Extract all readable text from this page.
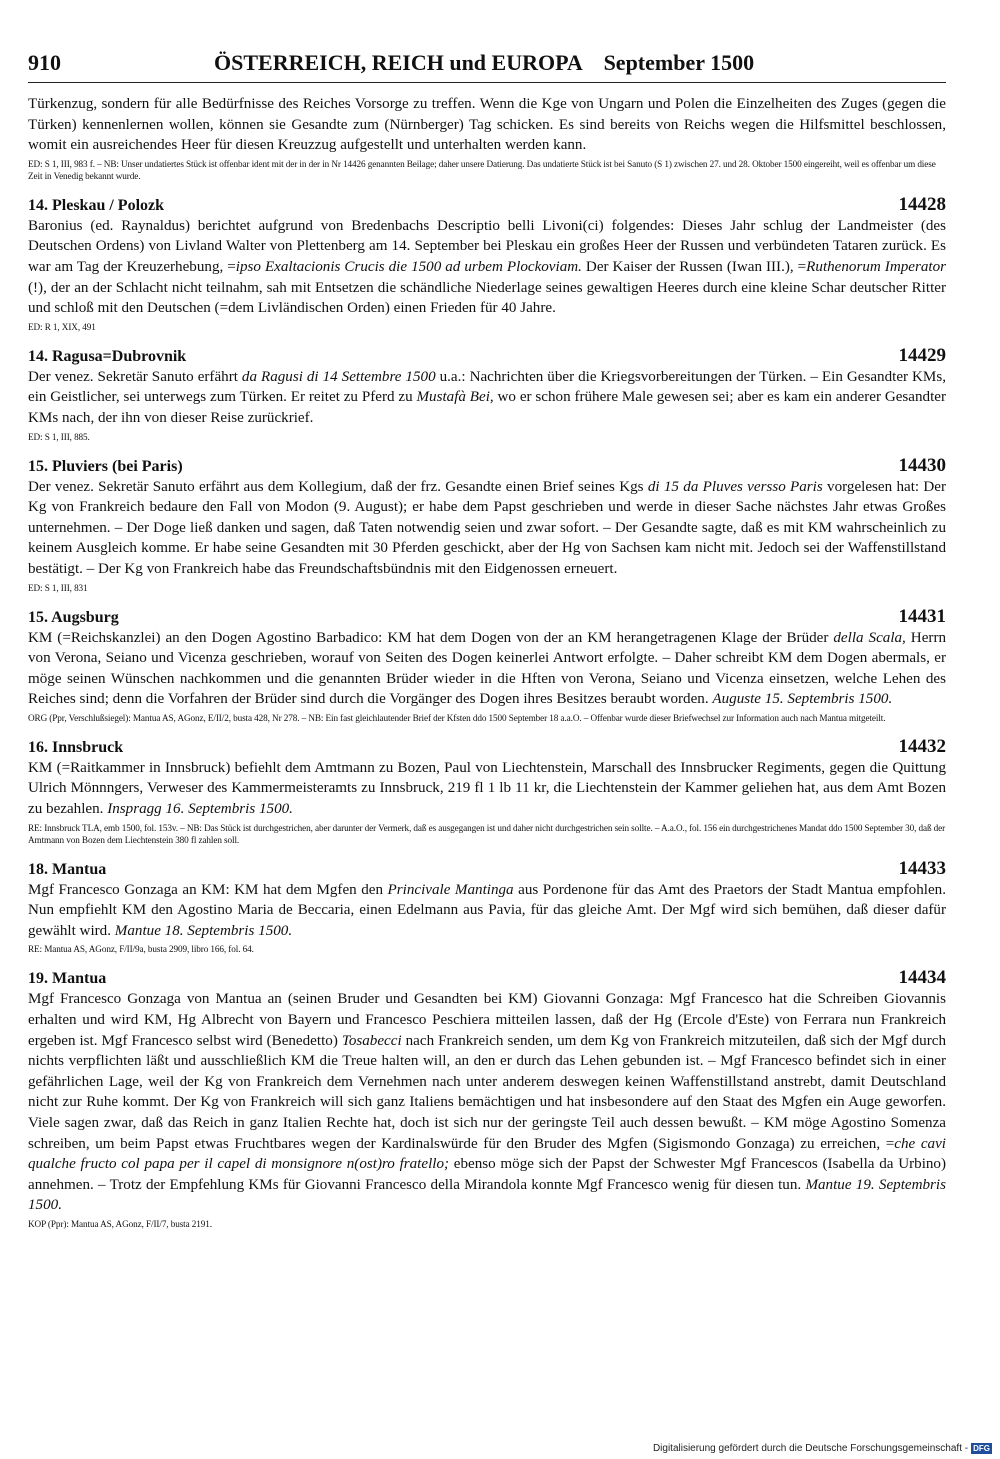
910	ÖSTERREICH, REICH und EUROPA    September 1500

Türkenzug, sondern für alle Bedürfnisse des Reiches Vorsorge zu treffen. Wenn die Kge von Ungarn und Polen die Einzelheiten des Zuges (gegen die Türken) kennenlernen wollen, können sie Gesandte zum (Nürnberger) Tag schicken. Es sind bereits von Reichs wegen die Hilfsmittel beschlossen, womit ein ausreichendes Heer für diesen Kreuzzug aufgestellt und unterhalten werden kann.

ED: S 1, III, 983 f. – NB: Unser undatiertes Stück ist offenbar ident mit der in der in Nr 14426 genannten Beilage; daher unsere Datierung. Das undatierte Stück ist bei Sanuto (S 1) zwischen 27. und 28. Oktober 1500 eingereiht, weil es offenbar um diese Zeit in Venedig bekannt wurde.

14. Pleskau / Polozk	14428

Baronius (ed. Raynaldus) berichtet aufgrund von Bredenbachs Descriptio belli Livoni(ci) folgendes: Dieses Jahr schlug der Landmeister (des Deutschen Ordens) von Livland Walter von Plettenberg am 14. September bei Pleskau ein großes Heer der Russen und verbündeten Tataren zurück. Es war am Tag der Kreuzerhebung, =ipso Exaltacionis Crucis die 1500 ad urbem Plockoviam. Der Kaiser der Russen (Iwan III.), =Ruthenorum Imperator (!), der an der Schlacht nicht teilnahm, sah mit Entsetzen die schändliche Niederlage seines gewaltigen Heeres durch eine kleine Schar deutscher Ritter und schloß mit den Deutschen (=dem Livländischen Orden) einen Frieden für 40 Jahre.

ED: R 1, XIX, 491

14. Ragusa=Dubrovnik	14429

Der venez. Sekretär Sanuto erfährt da Ragusi di 14 Settembre 1500 u.a.: Nachrichten über die Kriegsvorbereitungen der Türken. – Ein Gesandter KMs, ein Geistlicher, sei unterwegs zum Türken. Er reitet zu Pferd zu Mustafà Bei, wo er schon frühere Male gewesen sei; aber es kam ein anderer Gesandter KMs nach, der ihn von dieser Reise zurückrief.

ED: S 1, III, 885.

15. Pluviers (bei Paris)	14430

Der venez. Sekretär Sanuto erfährt aus dem Kollegium, daß der frz. Gesandte einen Brief seines Kgs di 15 da Pluves versso Paris vorgelesen hat: Der Kg von Frankreich bedaure den Fall von Modon (9. August); er habe dem Papst geschrieben und werde in dieser Sache nächstes Jahr etwas Großes unternehmen. – Der Doge ließ danken und sagen, daß Taten notwendig seien und zwar sofort. – Der Gesandte sagte, daß es mit KM wahrscheinlich zu keinem Ausgleich komme. Er habe seine Gesandten mit 30 Pferden geschickt, aber der Hg von Sachsen kam nicht mit. Jedoch sei der Waffenstillstand bestätigt. – Der Kg von Frankreich habe das Freundschaftsbündnis mit den Eidgenossen erneuert.

ED: S 1, III, 831

15. Augsburg	14431

KM (=Reichskanzlei) an den Dogen Agostino Barbadico: KM hat dem Dogen von der an KM herangetragenen Klage der Brüder della Scala, Herrn von Verona, Seiano und Vicenza geschrieben, worauf von Seiten des Dogen keinerlei Antwort erfolgte. – Daher schreibt KM dem Dogen abermals, er möge seinen Wünschen nachkommen und die genannten Brüder wieder in die Hften von Verona, Seiano und Vicenza einsetzen, welche Lehen des Reiches sind; denn die Vorfahren der Brüder sind durch die Vorgänger des Dogen ihres Besitzes beraubt worden. Auguste 15. Septembris 1500.

ORG (Ppr, Verschlußsiegel): Mantua AS, AGonz, E/II/2, busta 428, Nr 278. – NB: Ein fast gleichlautender Brief der Kfsten ddo 1500 September 18 a.a.O. – Offenbar wurde dieser Briefwechsel zur Information auch nach Mantua mitgeteilt.

16. Innsbruck	14432

KM (=Raitkammer in Innsbruck) befiehlt dem Amtmann zu Bozen, Paul von Liechtenstein, Marschall des Innsbrucker Regiments, gegen die Quittung Ulrich Mönnngers, Verweser des Kammermeisteramts zu Innsbruck, 219 fl 1 lb 11 kr, die Liechtenstein der Kammer geliehen hat, aus dem Amt Bozen zu bezahlen. Inspragg 16. Septembris 1500.

RE: Innsbruck TLA, emb 1500, fol. 153v. – NB: Das Stück ist durchgestrichen, aber darunter der Vermerk, daß es ausgegangen ist und daher nicht durchgestrichen sein sollte. – A.a.O., fol. 156 ein durchgestrichenes Mandat ddo 1500 September 30, daß der Amtmann von Bozen dem Liechtenstein 380 fl zahlen soll.

18. Mantua	14433

Mgf Francesco Gonzaga an KM: KM hat dem Mgfen den Princivale Mantinga aus Pordenone für das Amt des Praetors der Stadt Mantua empfohlen. Nun empfiehlt KM den Agostino Maria de Beccaria, einen Edelmann aus Pavia, für das gleiche Amt. Der Mgf wird sich bemühen, daß dieser dafür gewählt wird. Mantue 18. Septembris 1500.

RE: Mantua AS, AGonz, F/II/9a, busta 2909, libro 166, fol. 64.

19. Mantua	14434

Mgf Francesco Gonzaga von Mantua an (seinen Bruder und Gesandten bei KM) Giovanni Gonzaga: Mgf Francesco hat die Schreiben Giovannis erhalten und wird KM, Hg Albrecht von Bayern und Francesco Peschiera mitteilen lassen, daß der Hg (Ercole d'Este) von Ferrara nun Frankreich ergeben ist. Mgf Francesco selbst wird (Benedetto) Tosabecci nach Frankreich senden, um dem Kg von Frankreich mitzuteilen, daß sich der Mgf durch nichts verpflichten läßt und ausschließlich KM die Treue halten will, an den er durch das Lehen gebunden ist. – Mgf Francesco befindet sich in einer gefährlichen Lage, weil der Kg von Frankreich dem Vernehmen nach unter anderem deswegen keinen Waffenstillstand anstrebt, damit Deutschland nicht zur Ruhe kommt. Der Kg von Frankreich will sich ganz Italiens bemächtigen und hat insbesondere auf den Staat des Mgfen ein Auge geworfen. Viele sagen zwar, daß das Reich in ganz Italien Rechte hat, doch ist sich nur der geringste Teil auch dessen bewußt. – KM möge Agostino Somenza schreiben, um beim Papst etwas Fruchtbares wegen der Kardinalswürde für den Bruder des Mgfen (Sigismondo Gonzaga) zu erreichen, =che cavi qualche fructo col papa per il capel di monsignore n(ost)ro fratello; ebenso möge sich der Papst der Schwester Mgf Francescos (Isabella da Urbino) annehmen. – Trotz der Empfehlung KMs für Giovanni Francesco della Mirandola konnte Mgf Francesco wenig für diesen tun. Mantue 19. Septembris 1500.

KOP (Ppr): Mantua AS, AGonz, F/II/7, busta 2191.

Digitalisierung gefördert durch die Deutsche Forschungsgemeinschaft - DFG
